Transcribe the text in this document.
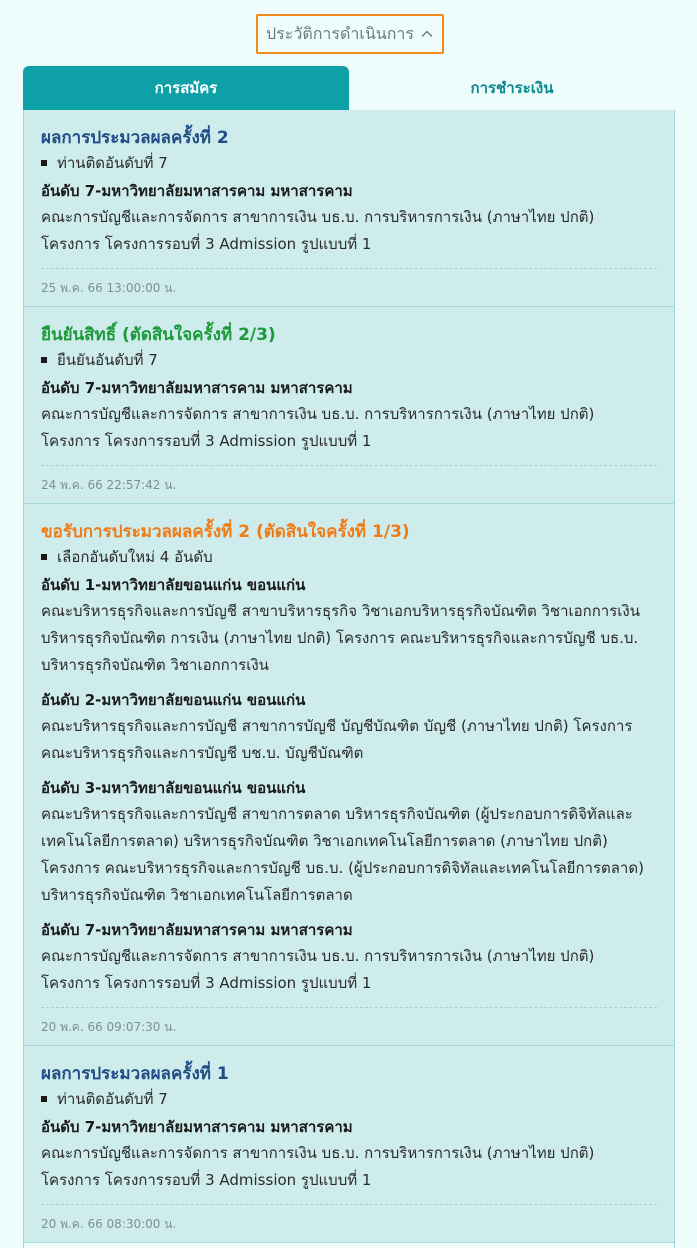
ประวัติการดำเนินการ
การสมัคร	การชำระเงิน
ผลการประมวลผลครั้งที่ 2
ท่านติดอันดับที่ 7
อันดับ 7-มหาวิทยาลัยมหาสารคาม มหาสารคาม
คณะการบัญชีและการจัดการ สาขาการเงิน บธ.บ. การบริหารการเงิน (ภาษาไทย ปกติ) โครงการ โครงการรอบที่ 3 Admission รูปแบบที่ 1
25 พ.ค. 66 13:00:00 น.
ยืนยันสิทธิ์ (ตัดสินใจครั้งที่ 2/3)
ยืนยันอันดับที่ 7
อันดับ 7-มหาวิทยาลัยมหาสารคาม มหาสารคาม
คณะการบัญชีและการจัดการ สาขาการเงิน บธ.บ. การบริหารการเงิน (ภาษาไทย ปกติ) โครงการ โครงการรอบที่ 3 Admission รูปแบบที่ 1
24 พ.ค. 66 22:57:42 น.
ขอรับการประมวลผลครั้งที่ 2 (ตัดสินใจครั้งที่ 1/3)
เลือกอันดับใหม่ 4 อันดับ
อันดับ 1-มหาวิทยาลัยขอนแก่น ขอนแก่น
คณะบริหารธุรกิจและการบัญชี สาขาบริหารธุรกิจ วิชาเอกบริหารธุรกิจบัณฑิต วิชาเอกการเงิน บริหารธุรกิจบัณฑิต การเงิน (ภาษาไทย ปกติ) โครงการ คณะบริหารธุรกิจและการบัญชี บธ.บ. บริหารธุรกิจบัณฑิต วิชาเอกการเงิน
อันดับ 2-มหาวิทยาลัยขอนแก่น ขอนแก่น
คณะบริหารธุรกิจและการบัญชี สาขาการบัญชี บัญชีบัณฑิต บัญชี (ภาษาไทย ปกติ) โครงการ คณะบริหารธุรกิจและการบัญชี บช.บ. บัญชีบัณฑิต
อันดับ 3-มหาวิทยาลัยขอนแก่น ขอนแก่น
คณะบริหารธุรกิจและการบัญชี สาขาการตลาด บริหารธุรกิจบัณฑิต (ผู้ประกอบการดิจิทัลและเทคโนโลยีการตลาด) บริหารธุรกิจบัณฑิต วิชาเอกเทคโนโลยีการตลาด (ภาษาไทย ปกติ) โครงการ คณะบริหารธุรกิจและการบัญชี บธ.บ. (ผู้ประกอบการดิจิทัลและเทคโนโลยีการตลาด) บริหารธุรกิจบัณฑิต วิชาเอกเทคโนโลยีการตลาด
อันดับ 7-มหาวิทยาลัยมหาสารคาม มหาสารคาม
คณะการบัญชีและการจัดการ สาขาการเงิน บธ.บ. การบริหารการเงิน (ภาษาไทย ปกติ) โครงการ โครงการรอบที่ 3 Admission รูปแบบที่ 1
20 พ.ค. 66 09:07:30 น.
ผลการประมวลผลครั้งที่ 1
ท่านติดอันดับที่ 7
อันดับ 7-มหาวิทยาลัยมหาสารคาม มหาสารคาม
คณะการบัญชีและการจัดการ สาขาการเงิน บธ.บ. การบริหารการเงิน (ภาษาไทย ปกติ) โครงการ โครงการรอบที่ 3 Admission รูปแบบที่ 1
20 พ.ค. 66 08:30:00 น.
